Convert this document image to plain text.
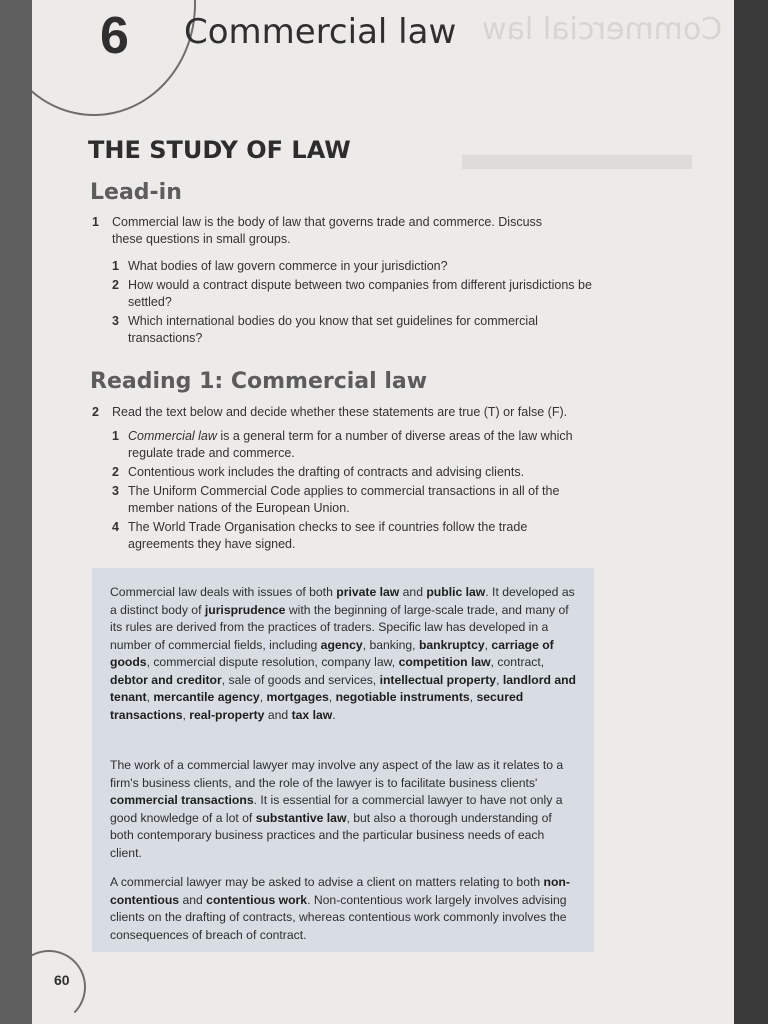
Commercial law
6 Commercial law
THE STUDY OF LAW
Lead-in
1 Commercial law is the body of law that governs trade and commerce. Discuss
these questions in small groups.
1 What bodies of law govern commerce in your jurisdiction?
2 How would a contract dispute between two companies from different jurisdictions be settled?
3 Which international bodies do you know that set guidelines for commercial transactions?
Reading 1: Commercial law
2 Read the text below and decide whether these statements are true (T) or false (F).
1 Commercial law is a general term for a number of diverse areas of the law which regulate trade and commerce.
2 Contentious work includes the drafting of contracts and advising clients.
3 The Uniform Commercial Code applies to commercial transactions in all of the member nations of the European Union.
4 The World Trade Organisation checks to see if countries follow the trade agreements they have signed.
Commercial law deals with issues of both private law and public law. It developed as a distinct body of jurisprudence with the beginning of large-scale trade, and many of its rules are derived from the practices of traders. Specific law has developed in a number of commercial fields, including agency, banking, bankruptcy, carriage of goods, commercial dispute resolution, company law, competition law, contract, debtor and creditor, sale of goods and services, intellectual property, landlord and tenant, mercantile agency, mortgages, negotiable instruments, secured transactions, real-property and tax law.
The work of a commercial lawyer may involve any aspect of the law as it relates to a firm's business clients, and the role of the lawyer is to facilitate business clients' commercial transactions. It is essential for a commercial lawyer to have not only a good knowledge of a lot of substantive law, but also a thorough understanding of both contemporary business practices and the particular business needs of each client.
A commercial lawyer may be asked to advise a client on matters relating to both non-contentious and contentious work. Non-contentious work largely involves advising clients on the drafting of contracts, whereas contentious work commonly involves the consequences of breach of contract.
60
